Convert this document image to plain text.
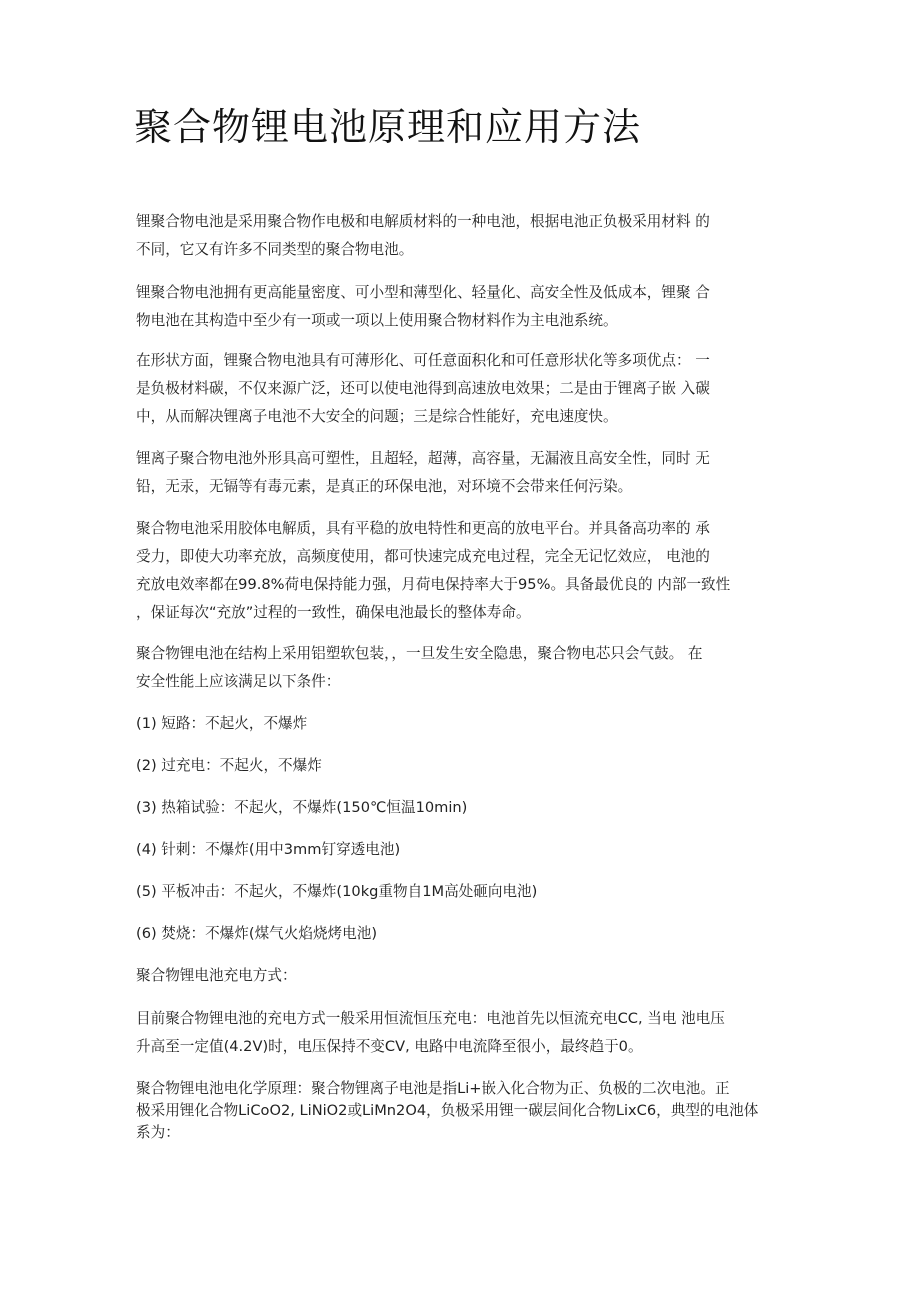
聚合物锂电池原理和应用方法
锂聚合物电池是采用聚合物作电极和电解质材料的一种电池，根据电池正负极采用材料 的
不同，它又有许多不同类型的聚合物电池。
锂聚合物电池拥有更高能量密度、可小型和薄型化、轻量化、高安全性及低成本，锂聚 合
物电池在其构造中至少有一项或一项以上使用聚合物材料作为主电池系统。
在形状方面，锂聚合物电池具有可薄形化、可任意面积化和可任意形状化等多项优点： 一
是负极材料碳，不仅来源广泛，还可以使电池得到高速放电效果；二是由于锂离子嵌 入碳
中，从而解决锂离子电池不大安全的问题；三是综合性能好，充电速度快。
锂离子聚合物电池外形具高可塑性，且超轻，超薄，高容量，无漏液且高安全性，同时 无
铅，无汞，无镉等有毒元素，是真正的环保电池，对环境不会带来任何污染。
聚合物电池采用胶体电解质，具有平稳的放电特性和更高的放电平台。并具备高功率的 承
受力，即使大功率充放，高频度使用，都可快速完成充电过程，完全无记忆效应， 电池的
充放电效率都在99.8%荷电保持能力强，月荷电保持率大于95%。具备最优良的 内部一致性
，保证每次“充放”过程的一致性，确保电池最长的整体寿命。
聚合物锂电池在结构上采用铝塑软包装，，一旦发生安全隐患，聚合物电芯只会气鼓。 在
安全性能上应该满足以下条件：
(1) 短路：不起火，不爆炸
(2) 过充电：不起火，不爆炸
(3) 热箱试验：不起火，不爆炸(150℃恒温10min)
(4) 针刺：不爆炸(用中3mm钉穿透电池)
(5) 平板冲击：不起火，不爆炸(10kg重物自1M高处砸向电池)
(6) 焚烧：不爆炸(煤气火焰烧烤电池)
聚合物锂电池充电方式：
目前聚合物锂电池的充电方式一般采用恒流恒压充电：电池首先以恒流充电CC, 当电 池电压
升高至一定值(4.2V)时，电压保持不变CV, 电路中电流降至很小，最终趋于0。
聚合物锂电池电化学原理：聚合物锂离子电池是指Li+嵌入化合物为正、负极的二次电池。正
极采用锂化合物LiCoO2, LiNiO2或LiMn2O4，负极采用锂一碳层间化合物LixC6，典型的电池体
系为：
